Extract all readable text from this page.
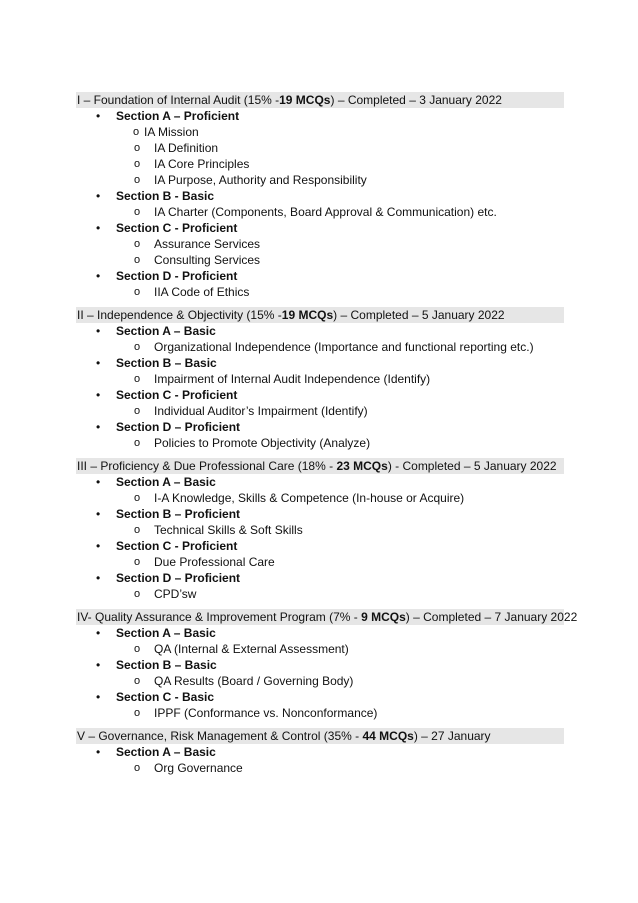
I – Foundation of Internal Audit (15% -19 MCQs) – Completed – 3 January 2022
• Section A – Proficient
o IA Mission
o IA Definition
o IA Core Principles
o IA Purpose, Authority and Responsibility
• Section B - Basic
o IA Charter (Components, Board Approval & Communication) etc.
• Section C - Proficient
o Assurance Services
o Consulting Services
• Section D - Proficient
o IIA Code of Ethics
II – Independence & Objectivity (15% -19 MCQs) – Completed – 5 January 2022
• Section A – Basic
o Organizational Independence (Importance and functional reporting etc.)
• Section B – Basic
o Impairment of Internal Audit Independence (Identify)
• Section C - Proficient
o Individual Auditor’s Impairment (Identify)
• Section D – Proficient
o Policies to Promote Objectivity (Analyze)
III – Proficiency & Due Professional Care (18% - 23 MCQs) - Completed – 5 January 2022
• Section A – Basic
o I-A Knowledge, Skills & Competence (In-house or Acquire)
• Section B – Proficient
o Technical Skills & Soft Skills
• Section C - Proficient
o Due Professional Care
• Section D – Proficient
o CPD’sw
IV- Quality Assurance & Improvement Program (7% - 9 MCQs) – Completed – 7 January 2022
• Section A – Basic
o QA (Internal & External Assessment)
• Section B – Basic
o QA Results (Board / Governing Body)
• Section C - Basic
o IPPF (Conformance vs. Nonconformance)
V – Governance, Risk Management & Control (35% - 44 MCQs) – 27 January
• Section A – Basic
o Org Governance
